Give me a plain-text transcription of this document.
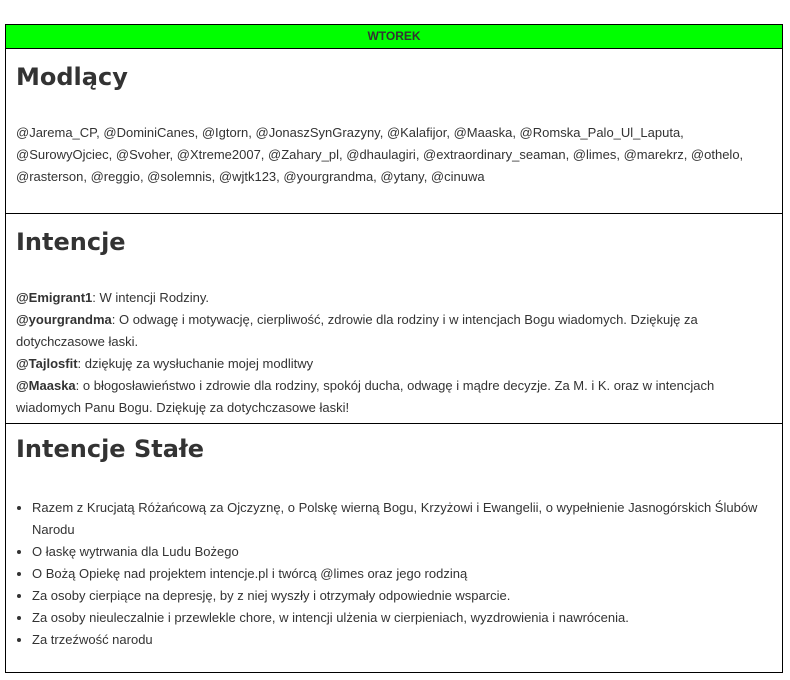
WTOREK
Modlący
@Jarema_CP, @DominiCanes, @Igtorn, @JonaszSynGrazyny, @Kalafijor, @Maaska, @Romska_Palo_Ul_Laputa, @SurowyOjciec, @Svoher, @Xtreme2007, @Zahary_pl, @dhaulagiri, @extraordinary_seaman, @limes, @marekrz, @othelo, @rasterson, @reggio, @solemnis, @wjtk123, @yourgrandma, @ytany, @cinuwa
Intencje

@Emigrant1: W intencji Rodziny.

@yourgrandma: O odwagę i motywację, cierpliwość, zdrowie dla rodziny i w intencjach Bogu wiadomych. Dziękuję za dotychczasowe łaski.

@Tajlosfit: dziękuję za wysłuchanie mojej modlitwy

@Maaska: o błogosławieństwo i zdrowie dla rodziny, spokój ducha, odwagę i mądre decyzje. Za M. i K. oraz w intencjach wiadomych Panu Bogu. Dziękuję za dotychczasowe łaski!

Intencje Stałe
• Razem z Krucjatą Różańcową za Ojczyznę, o Polskę wierną Bogu, Krzyżowi i Ewangelii, o wypełnienie Jasnogórskich Ślubów Narodu
• O łaskę wytrwania dla Ludu Bożego
• O Bożą Opiekę nad projektem intencje.pl i twórcą @limes oraz jego rodziną
• Za osoby cierpiące na depresję, by z niej wyszły i otrzymały odpowiednie wsparcie.
• Za osoby nieuleczalnie i przewlekle chore, w intencji ulżenia w cierpieniach, wyzdrowienia i nawrócenia.
• Za trzeźwość narodu
